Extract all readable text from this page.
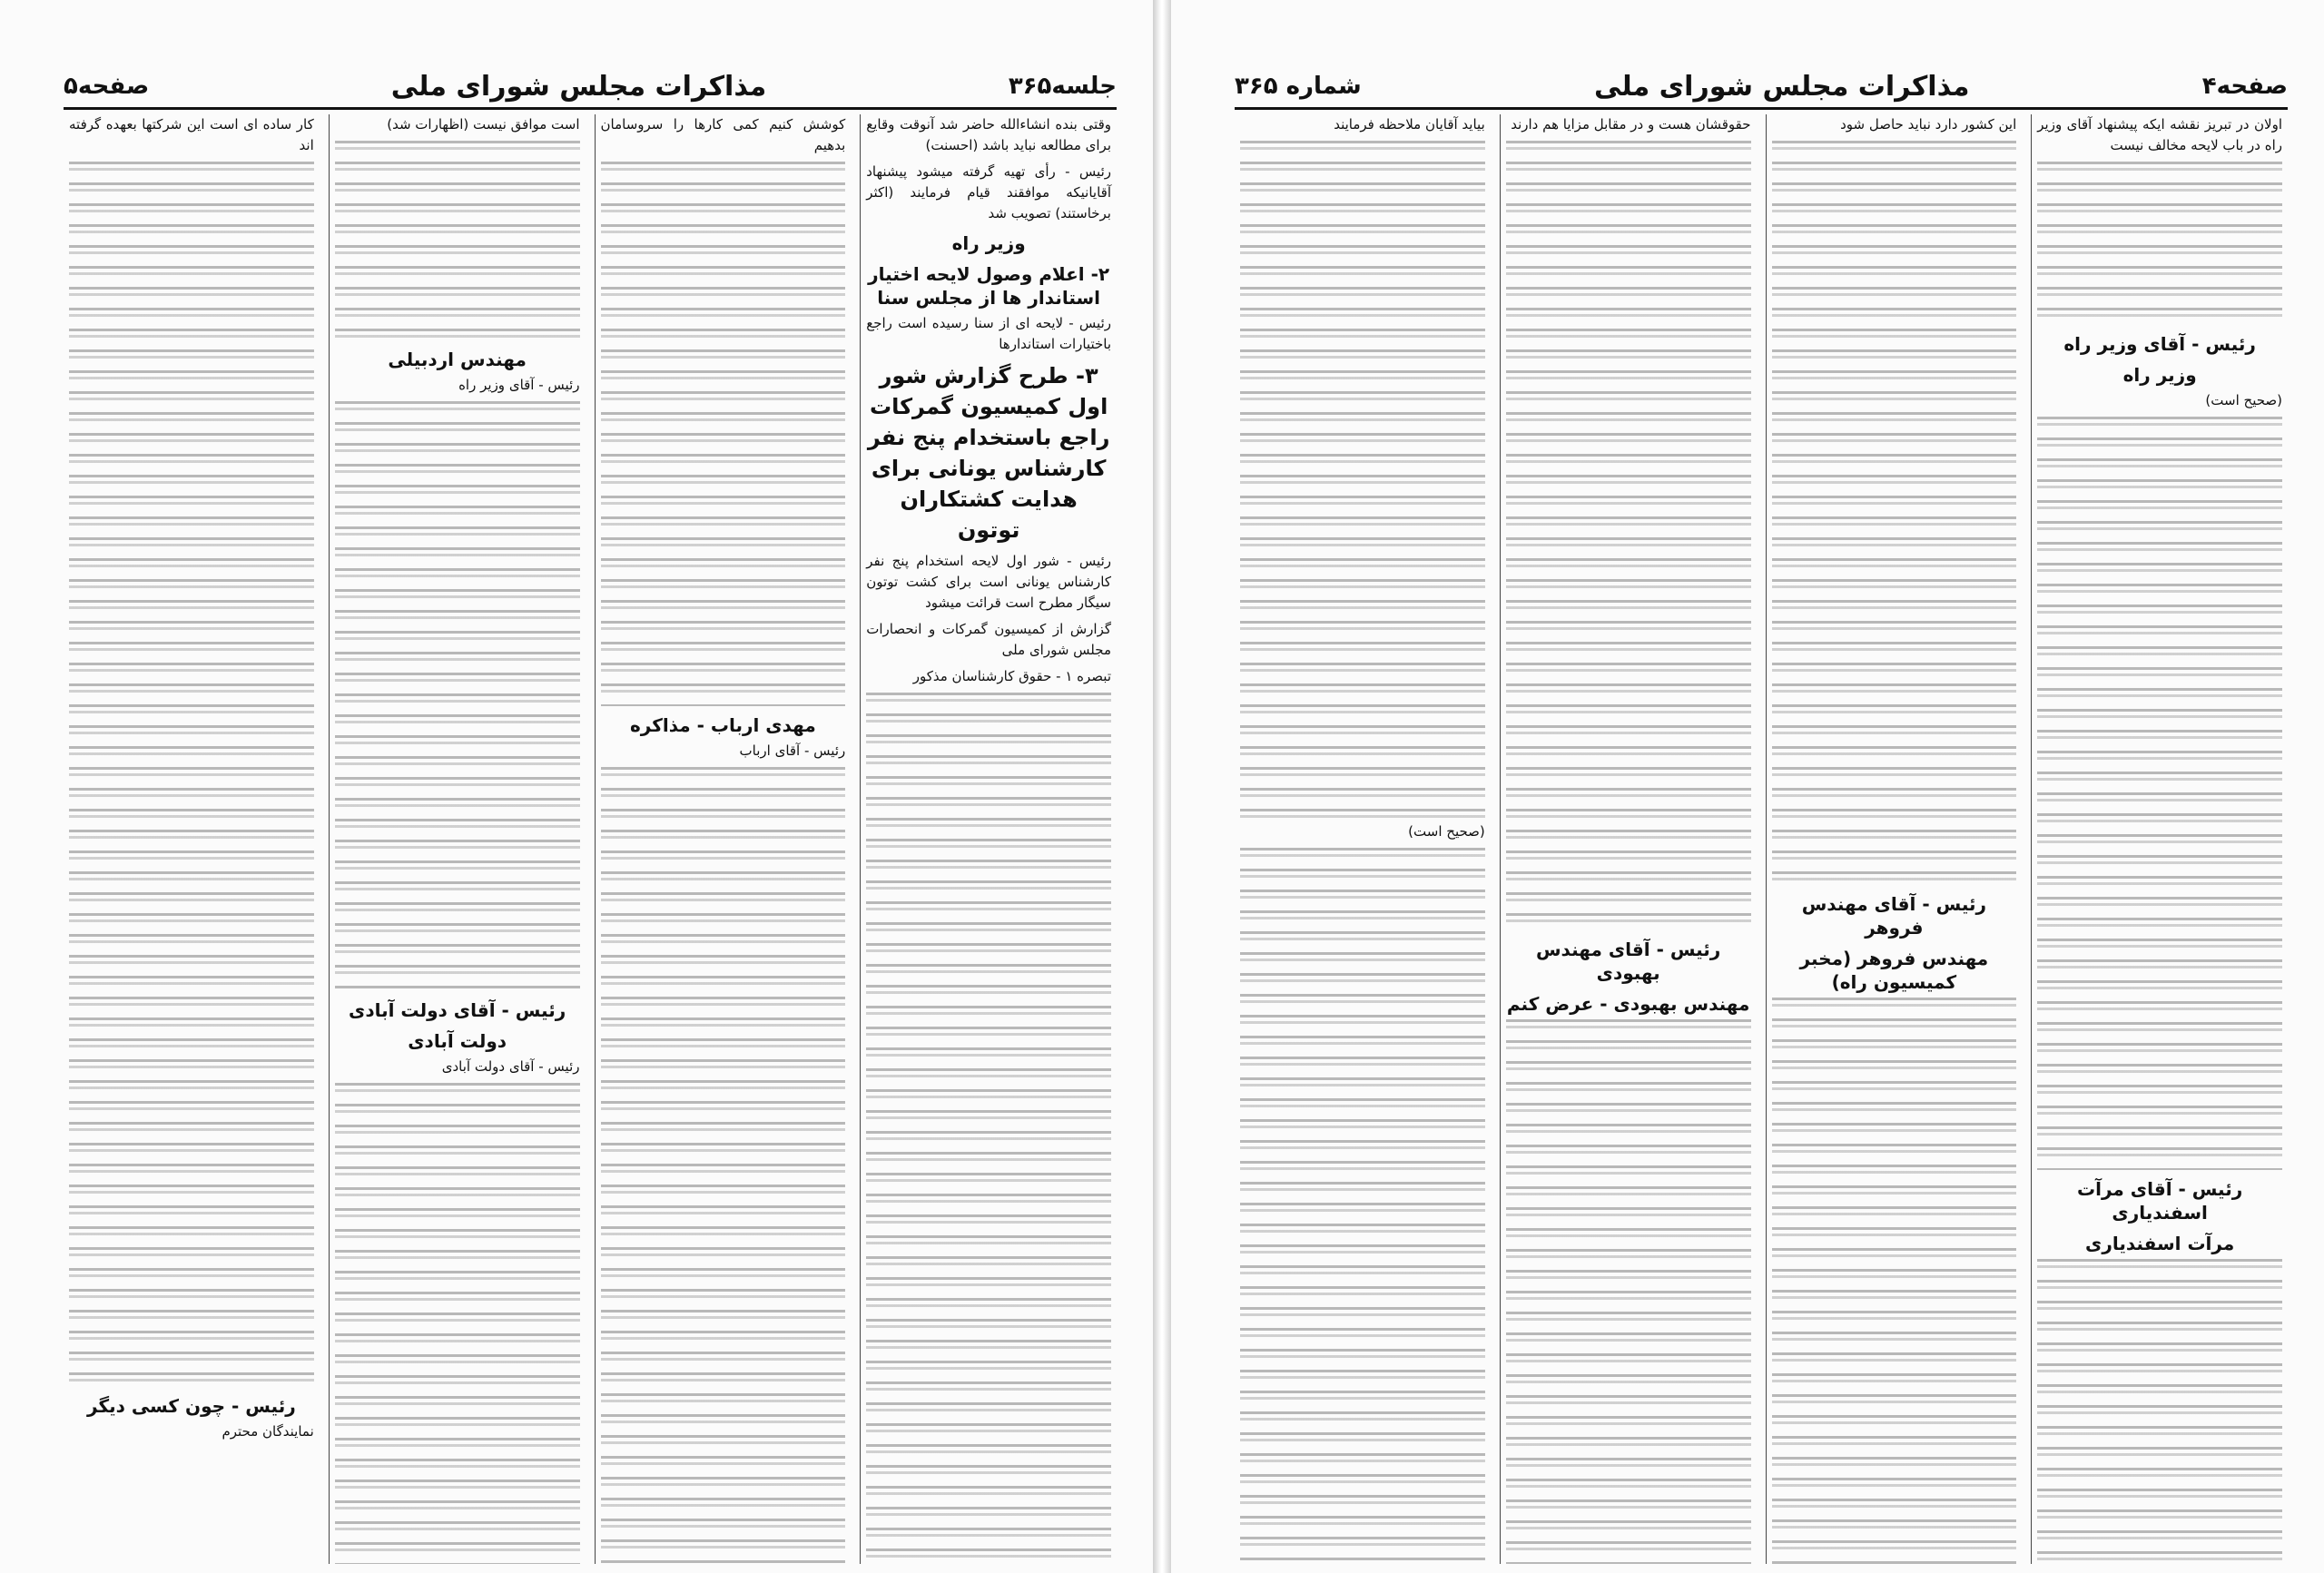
جلسه۳۶۵
مذاکرات مجلس شورای ملی
صفحه۵

وقتی بنده انشاءالله حاضر شد آنوقت وقایع برای مطالعه نباید باشد (احسنت)

رئیس - رأی تهیه گرفته میشود پیشنهاد آقایانیکه موافقند قیام فرمایند (اکثر برخاستند) تصویب شد

وزیر راه
۲- اعلام وصول لایحه اختیار استاندار ها از مجلس سنا

رئیس - لایحه ای از سنا رسیده است راجع باختیارات استاندارها

۳- طرح گزارش شور اول کمیسیون گمرکات راجع باستخدام پنج نفر کارشناس یونانی برای هدایت کشتکاران توتون

رئیس - شور اول لایحه استخدام پنج نفر کارشناس یونانی است برای کشت توتون سیگار مطرح است قرائت میشود

گزارش از کمیسیون گمرکات و انحصارات مجلس شورای ملی

تبصره ۱ - حقوق کارشناسان مذکور

کوشش کنیم کمی کارها را سروسامان بدهیم

مهدی ارباب - مذاکره

رئیس - آقای ارباب

است موافق نیست (اظهارات شد)

مهندس اردبیلی

رئیس - آقای وزیر راه

رئیس - آقای دولت آبادی
دولت آبادی

رئیس - آقای دولت آبادی

کار ساده ای است این شرکتها بعهده گرفته اند

رئیس - چون کسی دیگر

نمایندگان محترم

صفحه۴
مذاکرات مجلس شورای ملی
شماره ۳۶۵

اولان در تبریز نقشه ایکه پیشنهاد آقای وزیر راه در باب لایحه مخالف نیست

رئیس - آقای وزیر راه
وزیر راه

(صحیح است)

رئیس - آقای مرآت اسفندیاری
مرآت اسفندیاری

این کشور دارد نباید حاصل شود

رئیس - آقای مهندس فروهر
مهندس فروهر (مخبر کمیسیون راه)

حقوقشان هست و در مقابل مزایا هم دارند

رئیس - آقای مهندس بهبودی
مهندس بهبودی - عرض کنم

بیاید آقایان ملاحظه فرمایند

(صحیح است)
